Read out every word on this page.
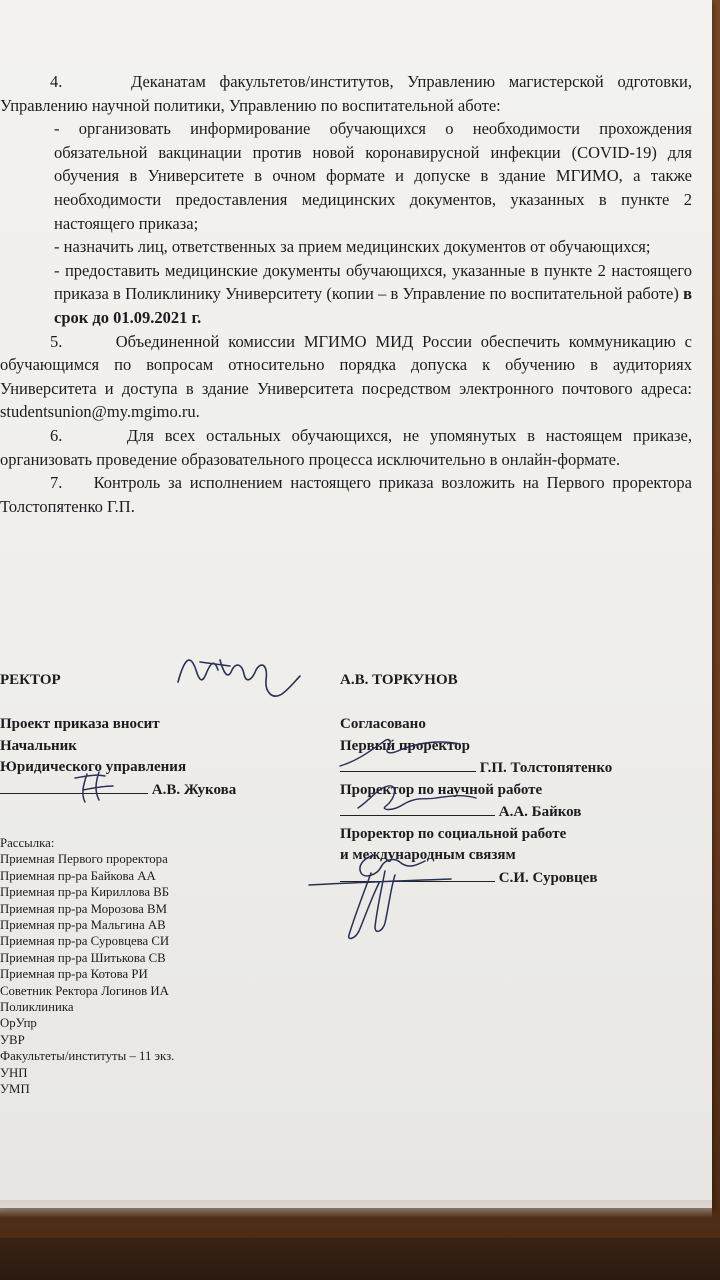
4.	Деканатам факультетов/институтов, Управлению магистерской одготовки, Управлению научной политики, Управлению по воспитательной аботе:

- организовать информирование обучающихся о необходимости прохождения обязательной вакцинации против новой коронавирусной инфекции (COVID-19) для обучения в Университете в очном формате и допуске в здание МГИМО, а также необходимости предоставления медицинских документов, указанных в пункте 2 настоящего приказа;

- назначить лиц, ответственных за прием медицинских документов от обучающихся;

- предоставить медицинские документы обучающихся, указанные в пункте 2 настоящего приказа в Поликлинику Университету (копии – в Управление по воспитательной работе) в срок до 01.09.2021 г.

5.	Объединенной комиссии МГИМО МИД России обеспечить коммуникацию с обучающимся по вопросам относительно порядка допуска к обучению в аудиториях Университета и доступа в здание Университета посредством электронного почтового адреса: studentsunion@my.mgimo.ru.

6.	Для всех остальных обучающихся, не упомянутых в настоящем приказе, организовать проведение образовательного процесса исключительно в онлайн-формате.

7. Контроль за исполнением настоящего приказа возложить на Первого проректора Толстопятенко Г.П.

РЕКТОР	А.В. ТОРКУНОВ
Проект приказа вносит
Начальник
Юридического управления
А.В. Жукова
Согласовано
Первый проректор
Г.П. Толстопятенко
Проректор по научной работе
А.А. Байков
Проректор по социальной работе
и международным связям
С.И. Суровцев
Рассылка:
Приемная Первого проректора
Приемная пр-ра Байкова АА
Приемная пр-ра Кириллова ВБ
Приемная пр-ра Морозова ВМ
Приемная пр-ра Мальгина АВ
Приемная пр-ра Суровцева СИ
Приемная пр-ра Шитькова СВ
Приемная пр-ра Котова РИ
Советник Ректора Логинов ИА
Поликлиника
ОрУпр
УВР
Факультеты/институты – 11 экз.
УНП
УМП
